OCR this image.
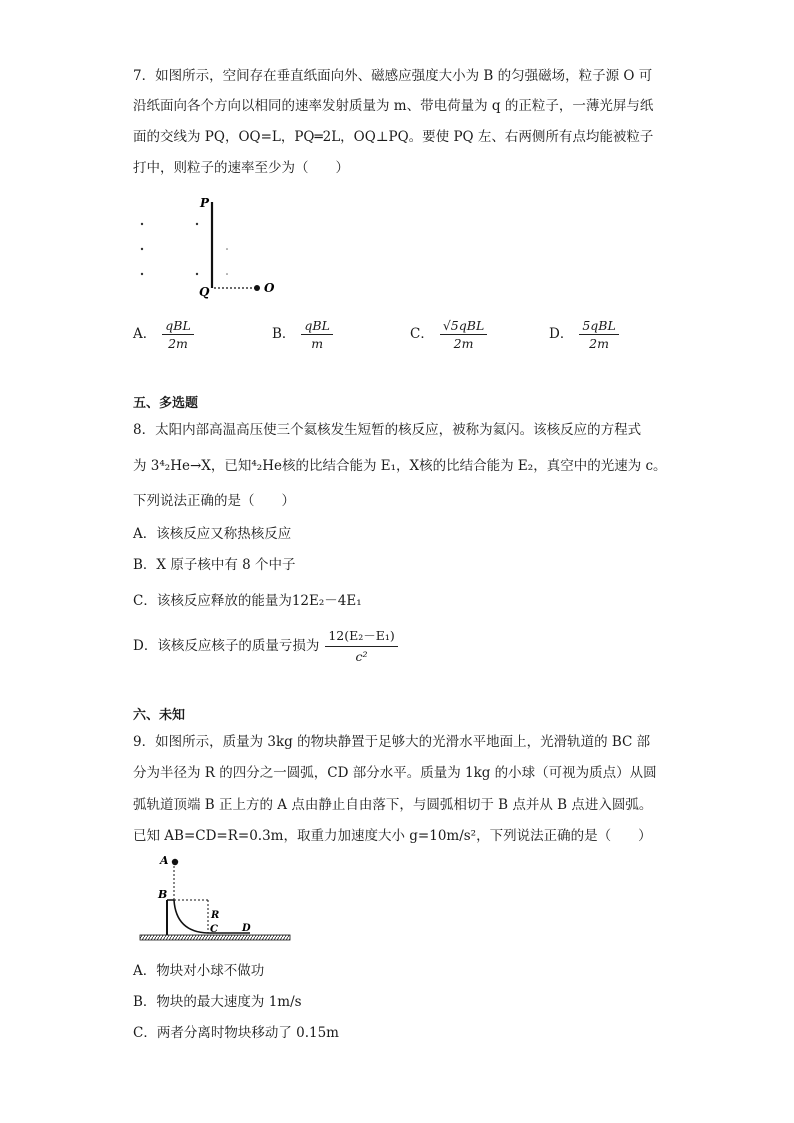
7．如图所示，空间存在垂直纸面向外、磁感应强度大小为 B 的匀强磁场，粒子源 O 可
沿纸面向各个方向以相同的速率发射质量为 m、带电荷量为 q 的正粒子，一薄光屏与纸
面的交线为 PQ，OQ=L，PQ═2L，OQ⊥PQ。要使 PQ 左、右两侧所有点均能被粒子
打中，则粒子的速率至少为（　　）
P
Q	O
A． $\frac{\text{qBL}}{2m}$	B． $\frac{\text{qBL}}{m}$	C． $\frac{\text{√5qBL}}{2m}$	D． $\frac{\text{5qBL}}{2m}$
五、多选题
8．太阳内部高温高压使三个氦核发生短暂的核反应，被称为氦闪。该核反应的方程式
为 3⁴₂He→X，已知⁴₂He核的比结合能为 E₁，X核的比结合能为 E₂，真空中的光速为 c。
下列说法正确的是（　　）
A．该核反应又称热核反应
B．X 原子核中有 8 个中子
C．该核反应释放的能量为12E₂－4E₁
D．该核反应核子的质量亏损为 $\frac{\text{12(E₂－E₁)}}{\text{c²}}$
六、未知
9．如图所示，质量为 3kg 的物块静置于足够大的光滑水平地面上，光滑轨道的 BC 部
分为半径为 R 的四分之一圆弧，CD 部分水平。质量为 1kg 的小球（可视为质点）从圆
弧轨道顶端 B 正上方的 A 点由静止自由落下，与圆弧相切于 B 点并从 B 点进入圆弧。
已知 AB=CD=R=0.3m，取重力加速度大小 g=10m/s²，下列说法正确的是（　　）
A
B
R
C D
A．物块对小球不做功
B．物块的最大速度为 1m/s
C．两者分离时物块移动了 0.15m
